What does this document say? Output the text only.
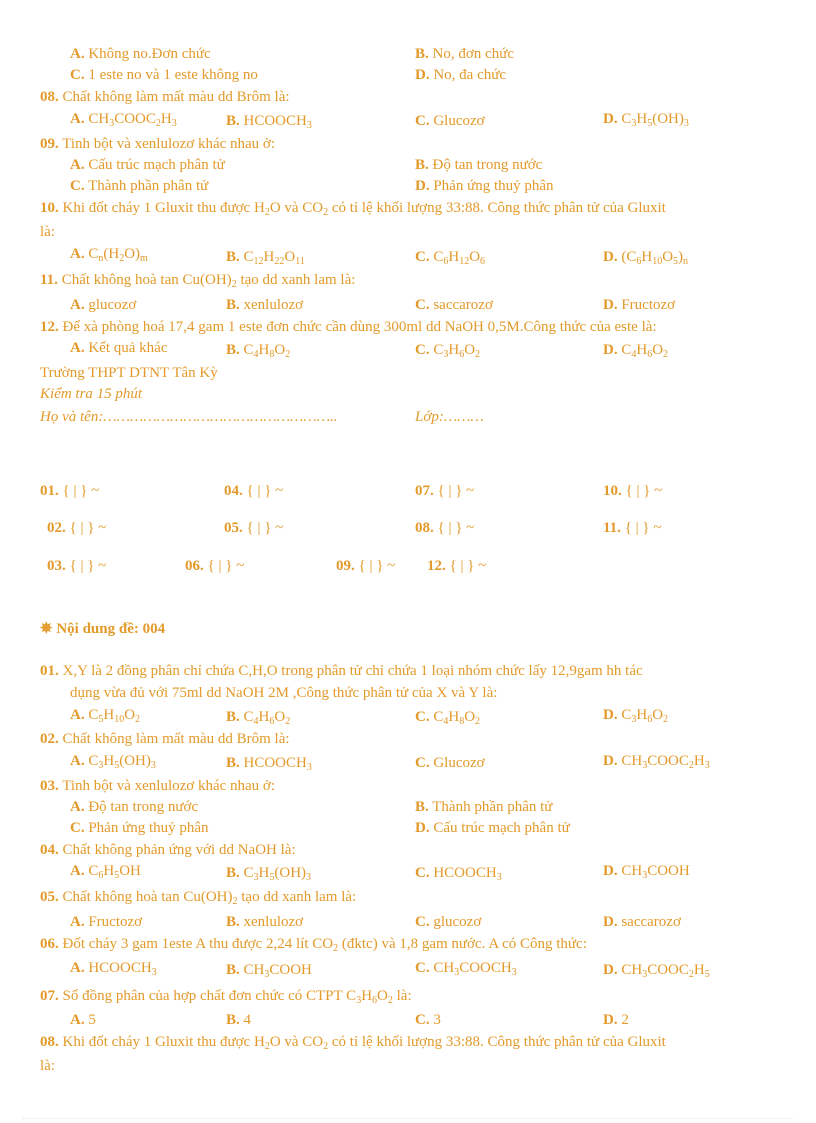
A. Không no.Đơn chức	B. No, đơn chức
C. 1 este no và 1 este không no	D. No, đa chức
08. Chất không làm mất màu dd Brôm là:
A. $CH_3COOC_2H_3$	B. $HCOOCH_3$	C. Glucozơ	D. $C_3H_5(OH)_3$
09. Tinh bột và xenlulozơ khác nhau ở:
A. Cấu trúc mạch phân tử	B. Độ tan trong nước
C. Thành phần phân tử	D. Phản ứng thuỷ phân
10. Khi đốt cháy 1 Gluxit thu được $H_2O$ và $CO_2$ có tỉ lệ khối lượng 33:88. Công thức phân tử của Gluxit
là:
A. $C_n(H_2O)_m$	B. $C_{12}H_{22}O_{11}$	C. $C_6H_{12}O_6$	D. $(C_6H_{10}O_5)_n$
11. Chất không hoà $\tan Cu(OH)_2$ tạo dd xanh lam là:
A. glucozơ	B. xenlulozơ	C. saccarozơ	D. Fructozơ
12. Để xà phòng hoá 17,4 gam 1 este đơn chức cần dùng 300ml dd NaOH 0,5M.Công thức của este là:
A. Kết quả khác	B. $C_4H_8O_2$	C. $C_3H_6O_2$	D. $C_4H_6O_2$
Trường THPT DTNT Tân Kỳ
Kiểm tra 15 phút
Họ và tên:……………………………………………..	Lớp:………
01. { | } ~	04. { | } ~	07. { | } ~	10. { | } ~
02. { | } ~	05. { | } ~	08. { | } ~	11. { | } ~
03. { | } ~	06. { | } ~	09. { | } ~ 12. { | } ~
✵ Nội dung đề: 004
01. X,Y là 2 đồng phân chỉ chứa C,H,O trong phân tử chỉ chứa 1 loại nhóm chức lấy 12,9gam hh tác
dụng vừa đủ với 75ml dd NaOH 2M ,Công thức phân tử của X và Y là:
A. $C_5H_{10}O_2$	B. $C_4H_6O_2$	C. $C_4H_8O_2$	D. $C_3H_6O_2$
02. Chất không làm mất màu dd Brôm là:
A. $C_3H_5(OH)_3$	B. $HCOOCH_3$	C. Glucozơ	D. $CH_3COOC_2H_3$
03. Tinh bột và xenlulozơ khác nhau ở:
A. Độ tan trong nước	B. Thành phần phân tử
C. Phản ứng thuỷ phân	D. Cấu trúc mạch phân tử
04. Chất không phản ứng với dd NaOH là:
A. $C_6H_5OH$	B. $C_3H_5(OH)_3$	C. $HCOOCH_3$	D. $CH_3COOH$
05. Chất không hoà $\tan Cu(OH)_2$ tạo dd xanh lam là:
A. Fructozơ	B. xenlulozơ	C. glucozơ	D. saccarozơ
06. Đốt cháy 3 gam 1este A thu được 2,24 lít $CO_2$ (đktc) và 1,8 gam nước. A có Công thức:
A. $HCOOCH_3$	B. $CH_3COOH$	C. $CH_3COOCH_3$	D. $CH_3COOC_2H_5$
07. Số đồng phân của hợp chất đơn chức có CTPT $C_3H_6O_2$ là:
A. 5	B. 4	C. 3	D. 2
08. Khi đốt cháy 1 Gluxit thu được $H_2O$ và $CO_2$ có tỉ lệ khối lượng 33:88. Công thức phân tử của Gluxit
là:
